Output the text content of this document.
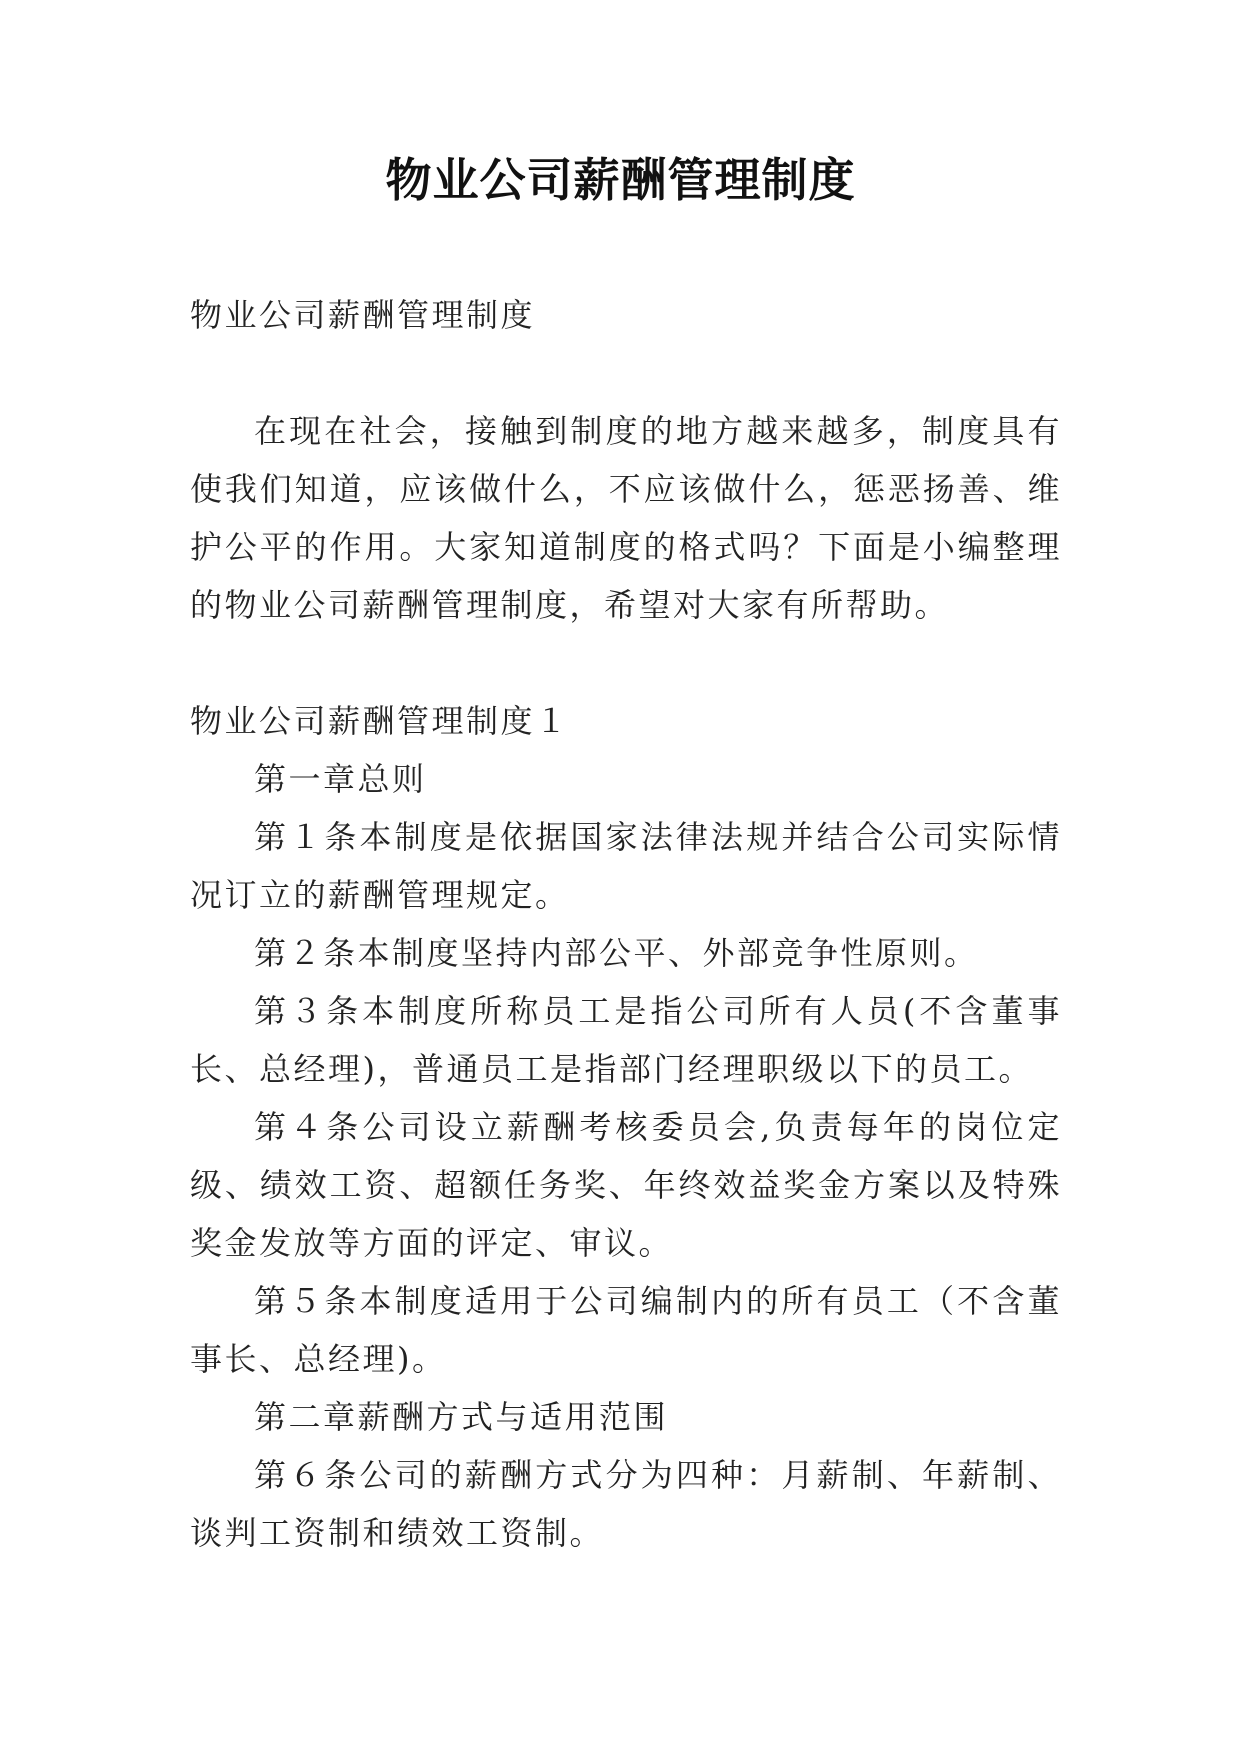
物业公司薪酬管理制度

物业公司薪酬管理制度

在现在社会，接触到制度的地方越来越多，制度具有使我们知道，应该做什么，不应该做什么，惩恶扬善、维护公平的作用。大家知道制度的格式吗？下面是小编整理的物业公司薪酬管理制度，希望对大家有所帮助。

物业公司薪酬管理制度１

第一章总则

第１条本制度是依据国家法律法规并结合公司实际情况订立的薪酬管理规定。

第２条本制度坚持内部公平、外部竞争性原则。

第３条本制度所称员工是指公司所有人员(不含董事长、总经理)，普通员工是指部门经理职级以下的员工。

第４条公司设立薪酬考核委员会,负责每年的岗位定级、绩效工资、超额任务奖、年终效益奖金方案以及特殊奖金发放等方面的评定、审议。

第５条本制度适用于公司编制内的所有员工（不含董事长、总经理)。

第二章薪酬方式与适用范围

第６条公司的薪酬方式分为四种：月薪制、年薪制、谈判工资制和绩效工资制。
